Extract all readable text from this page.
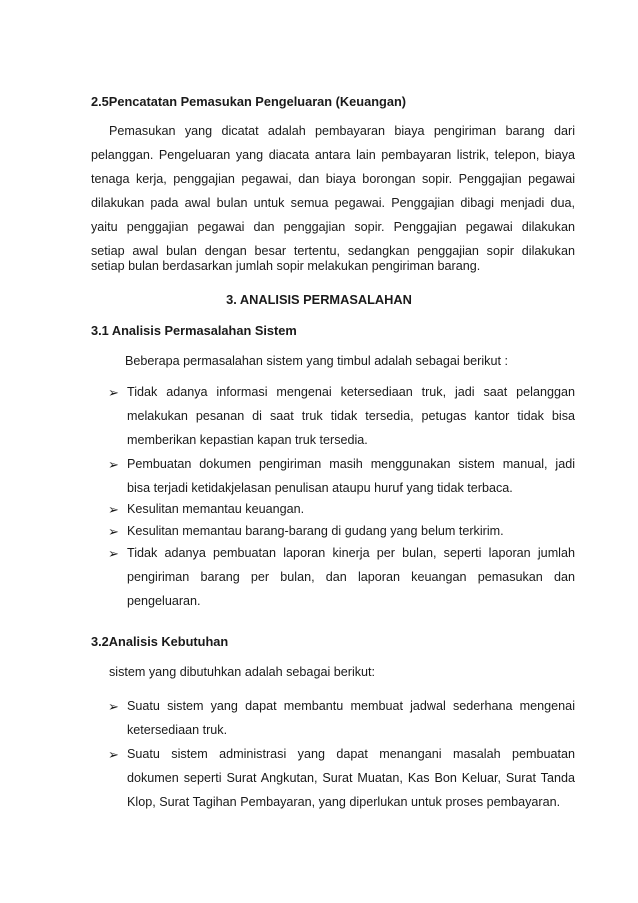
2.5Pencatatan Pemasukan Pengeluaran (Keuangan)
Pemasukan yang dicatat adalah pembayaran biaya pengiriman barang dari
pelanggan. Pengeluaran yang diacata antara lain pembayaran listrik, telepon, biaya
tenaga kerja, penggajian pegawai, dan biaya borongan sopir. Penggajian pegawai
dilakukan pada awal bulan untuk semua pegawai. Penggajian dibagi menjadi dua,
yaitu penggajian pegawai dan penggajian sopir. Penggajian pegawai dilakukan
setiap awal bulan dengan besar tertentu, sedangkan penggajian sopir dilakukan
setiap bulan berdasarkan jumlah sopir melakukan pengiriman barang.
3. ANALISIS PERMASALAHAN
3.1 Analisis Permasalahan Sistem
Beberapa permasalahan sistem yang timbul adalah sebagai berikut :
➢ Tidak adanya informasi mengenai ketersediaan truk, jadi saat pelanggan
melakukan pesanan di saat truk tidak tersedia, petugas kantor tidak bisa
memberikan kepastian kapan truk tersedia.
➢ Pembuatan dokumen pengiriman masih menggunakan sistem manual, jadi
bisa terjadi ketidakjelasan penulisan ataupu huruf yang tidak terbaca.
➢ Kesulitan memantau keuangan.
➢ Kesulitan memantau barang-barang di gudang yang belum terkirim.
➢ Tidak adanya pembuatan laporan kinerja per bulan, seperti laporan jumlah
pengiriman barang per bulan, dan laporan keuangan pemasukan dan
pengeluaran.
3.2Analisis Kebutuhan
sistem yang dibutuhkan adalah sebagai berikut:
➢ Suatu sistem yang dapat membantu membuat jadwal sederhana mengenai
ketersediaan truk.
➢ Suatu sistem administrasi yang dapat menangani masalah pembuatan
dokumen seperti Surat Angkutan, Surat Muatan, Kas Bon Keluar, Surat Tanda
Klop, Surat Tagihan Pembayaran, yang diperlukan untuk proses pembayaran.
